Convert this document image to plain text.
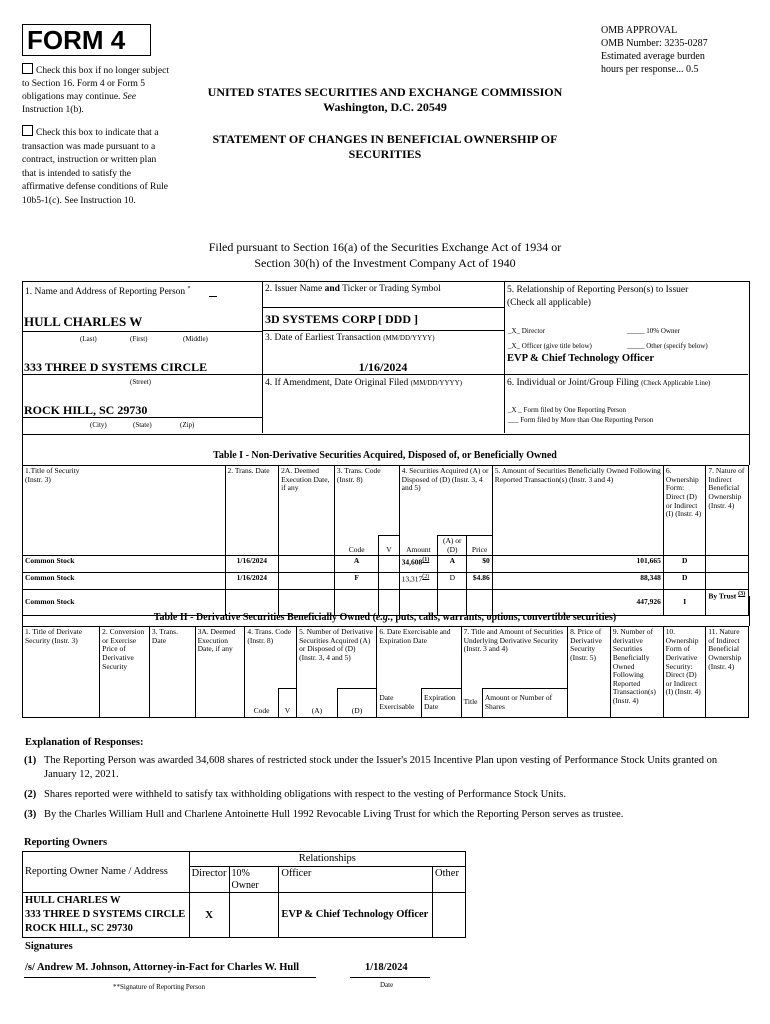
FORM 4
Check this box if no longer subject to Section 16. Form 4 or Form 5 obligations may continue. See Instruction 1(b).
Check this box to indicate that a transaction was made pursuant to a contract, instruction or written plan that is intended to satisfy the affirmative defense conditions of Rule 10b5-1(c). See Instruction 10.
OMB APPROVAL
OMB Number: 3235-0287
Estimated average burden
hours per response... 0.5
UNITED STATES SECURITIES AND EXCHANGE COMMISSION
Washington, D.C. 20549
STATEMENT OF CHANGES IN BENEFICIAL OWNERSHIP OF
SECURITIES
Filed pursuant to Section 16(a) of the Securities Exchange Act of 1934 or
Section 30(h) of the Investment Company Act of 1940
1. Name and Address of Reporting Person *
HULL CHARLES W
(Last)	(First)	(Middle)
333 THREE D SYSTEMS CIRCLE
(Street)
ROCK HILL, SC 29730
(City)	(State)	(Zip)
2. Issuer Name and Ticker or Trading Symbol
3D SYSTEMS CORP [ DDD ]
3. Date of Earliest Transaction (MM/DD/YYYY)
1/16/2024
4. If Amendment, Date Original Filed (MM/DD/YYYY)
5. Relationship of Reporting Person(s) to Issuer
(Check all applicable)
_X_ Director	_____ 10% Owner
_X_ Officer (give title below)	_____ Other (specify below)
EVP & Chief Technology Officer
6. Individual or Joint/Group Filing (Check Applicable Line)
_X _ Form filed by One Reporting Person
___ Form filed by More than One Reporting Person
Table I - Non-Derivative Securities Acquired, Disposed of, or Beneficially Owned
1.Title of Security
(Instr. 3)	2. Trans. Date	2A. Deemed Execution Date, if any	3. Trans. Code (Instr. 8)		4. Securities Acquired (A) or Disposed of (D) (Instr. 3, 4 and 5)			5. Amount of Securities Beneficially Owned Following Reported Transaction(s) (Instr. 3 and 4)	6. Ownership Form: Direct (D) or Indirect (I) (Instr. 4)	7. Nature of Indirect Beneficial Ownership (Instr. 4)
			Code	V	Amount	(A) or (D)	Price			
Common Stock	1/16/2024		A		34,608$^{(1)}$	A	$0	101,665	D	
Common Stock	1/16/2024		F		13,317$^{(2)}$	D	$4.86	88,348	D	
Common Stock								447,926	I	By Trust $^{(3)}$
Table II - Derivative Securities Beneficially Owned (e.g., puts, calls, warrants, options, convertible securities)
1. Title of Derivate Security (Instr. 3)	2. Conversion or Exercise Price of Derivative Security	3. Trans. Date	3A. Deemed Execution Date, if any	4. Trans. Code (Instr. 8)		5. Number of Derivative Securities Acquired (A) or Disposed of (D) (Instr. 3, 4 and 5)		6. Date Exercisable and Expiration Date		7. Title and Amount of Securities Underlying Derivative Security (Instr. 3 and 4)		8. Price of Derivative Security (Instr. 5)	9. Number of derivative Securities Beneficially Owned Following Reported Transaction(s) (Instr. 4)	10. Ownership Form of Derivative Security: Direct (D) or Indirect (I) (Instr. 4)	11. Nature of Indirect Beneficial Ownership (Instr. 4)
				Code	V	(A)	(D)	Date Exercisable	Expiration Date	Title	Amount or Number of Shares				
Explanation of Responses:
(1) The Reporting Person was awarded 34,608 shares of restricted stock under the Issuer's 2015 Incentive Plan upon vesting of Performance Stock Units granted on January 12, 2021.
(2) Shares reported were withheld to satisfy tax withholding obligations with respect to the vesting of Performance Stock Units.
(3) By the Charles William Hull and Charlene Antoinette Hull 1992 Revocable Living Trust for which the Reporting Person serves as trustee.
Reporting Owners
Reporting Owner Name / Address	Relationships			
	Director	10% Owner	Officer	Other

HULL CHARLES W
333 THREE D SYSTEMS CIRCLE
ROCK HILL, SC 29730	X		EVP & Chief Technology Officer	
Signatures
/s/ Andrew M. Johnson, Attorney-in-Fact for Charles W. Hull	1/18/2024
**Signature of Reporting Person	Date
